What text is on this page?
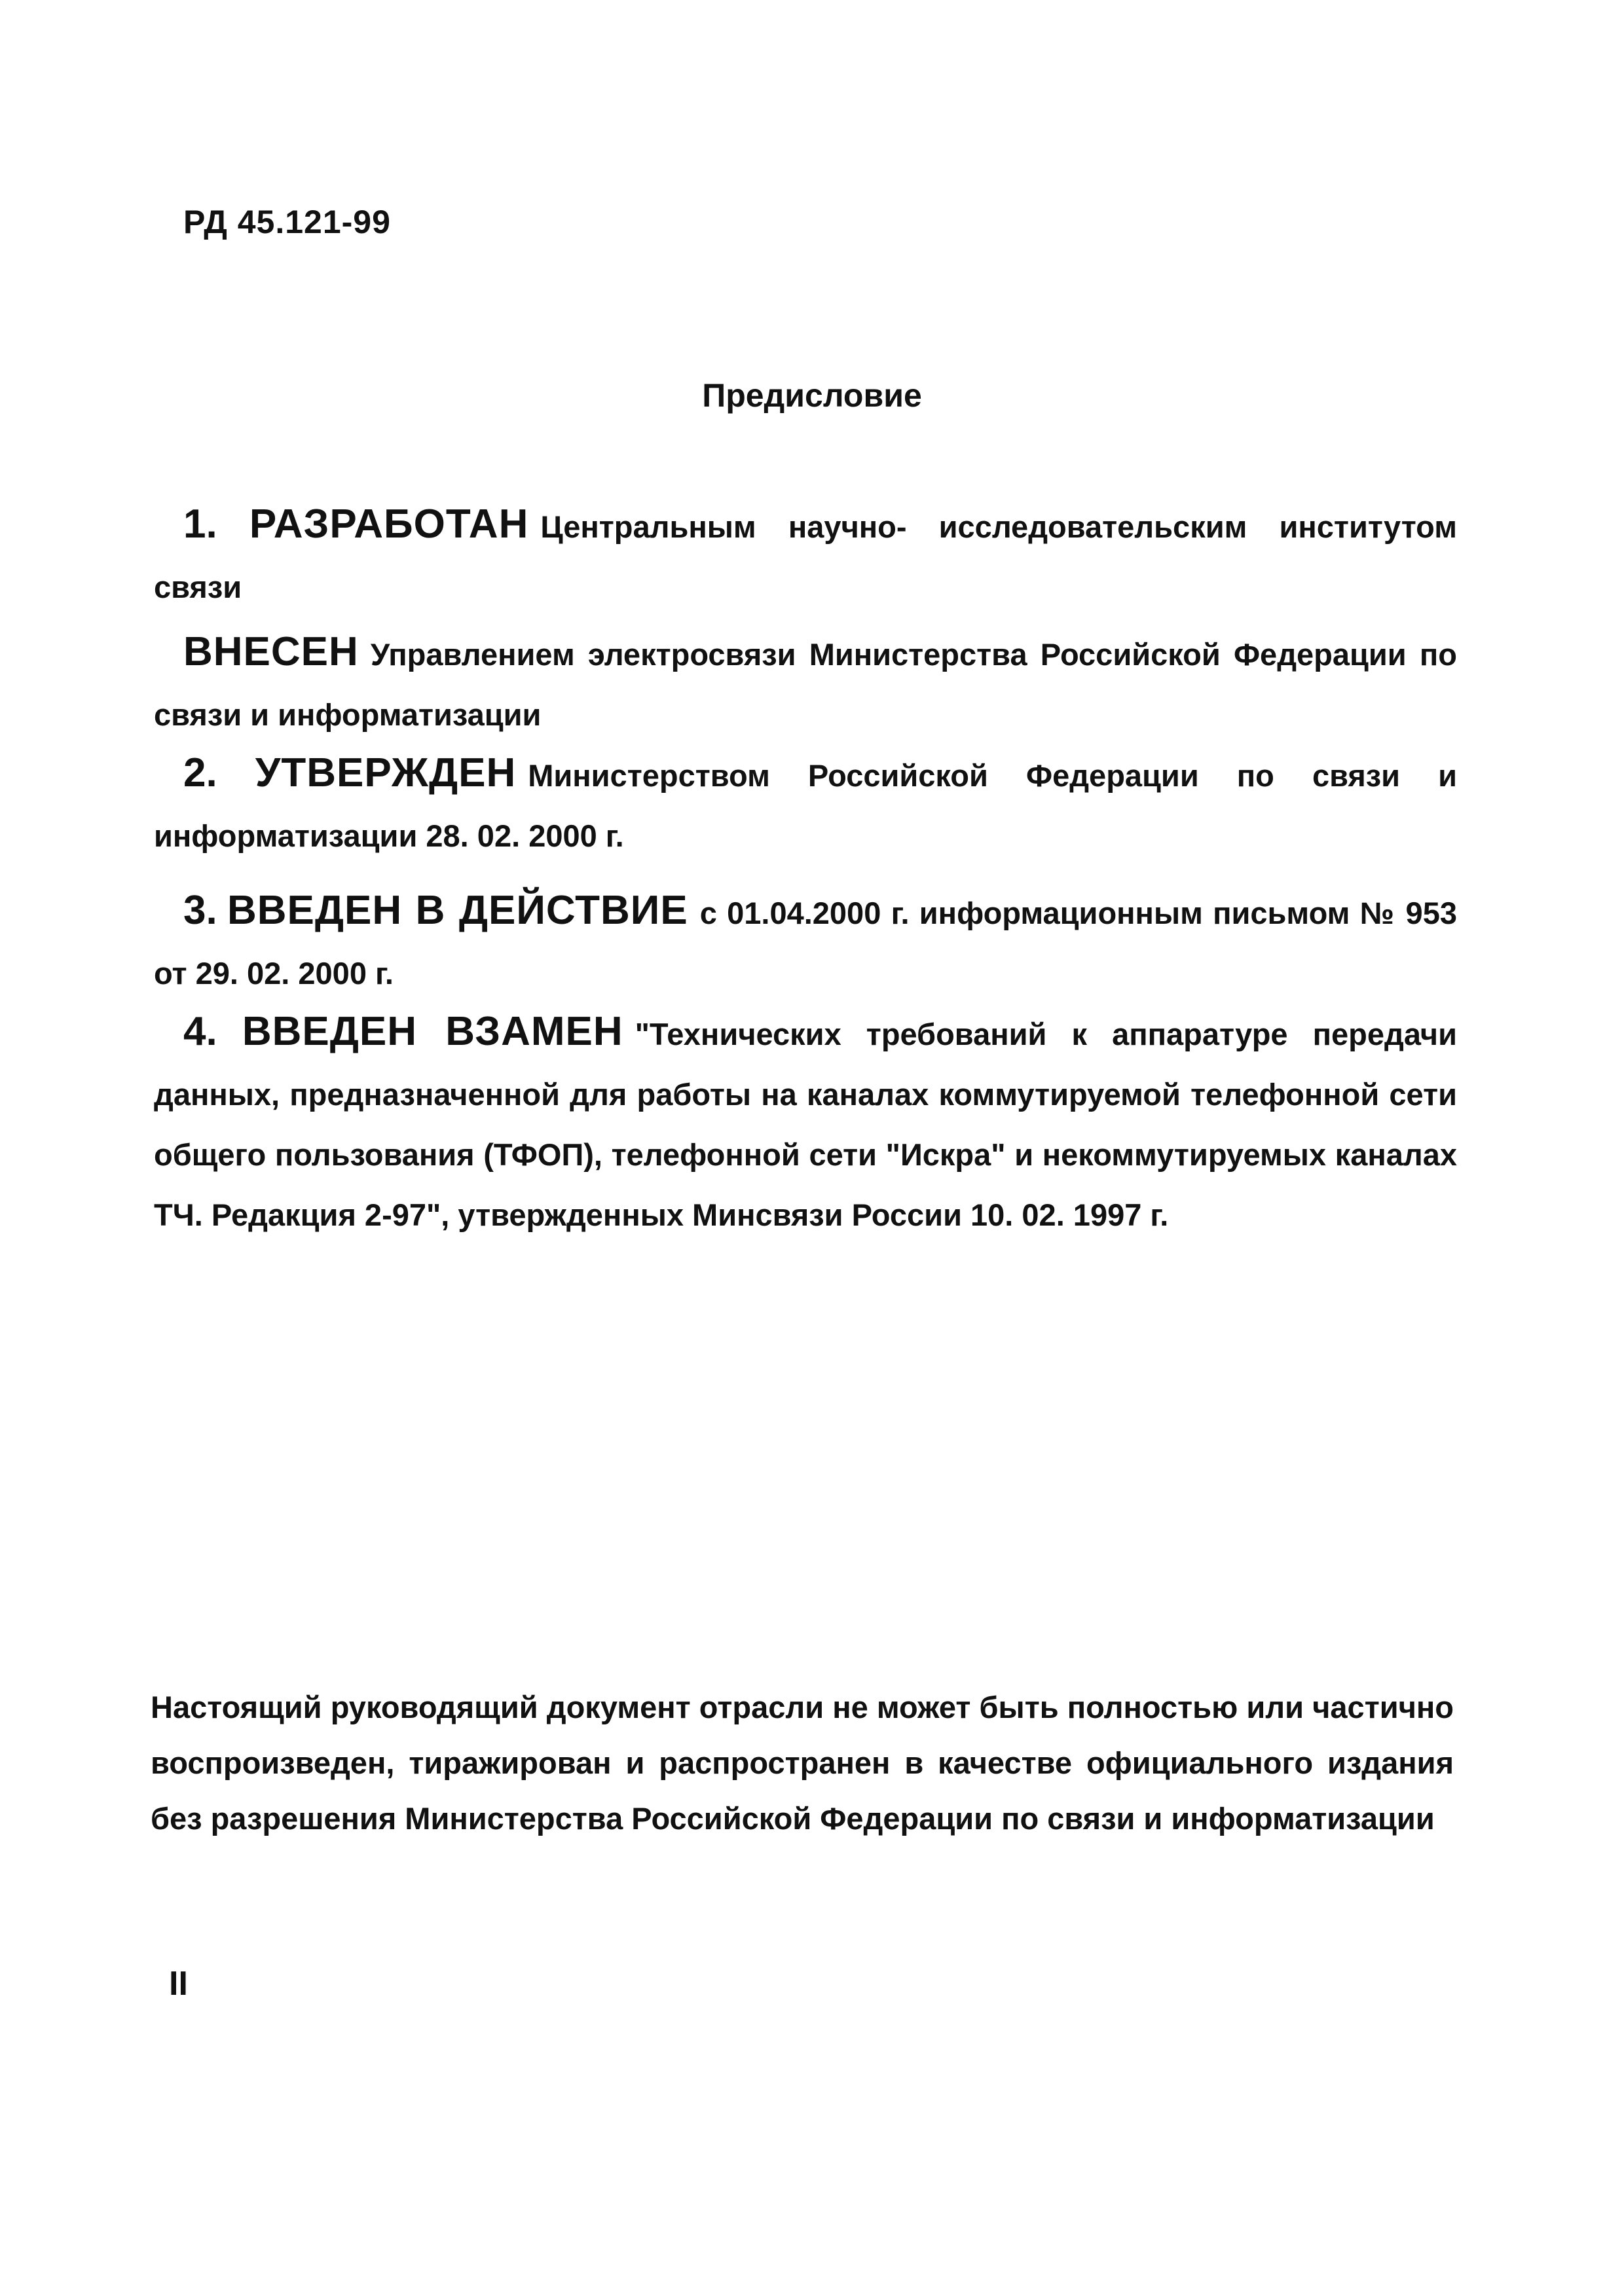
РД 45.121-99
Предисловие
1. РАЗРАБОТАН Центральным научно- исследовательским институтом связи
ВНЕСЕН Управлением электросвязи Министерства Российской Федерации по связи и информатизации
2. УТВЕРЖДЕН Министерством Российской Федерации по связи и информатизации 28. 02. 2000 г.
3. ВВЕДЕН В ДЕЙСТВИЕ с 01.04.2000 г. информационным письмом № 953 от 29. 02. 2000 г.
4. ВВЕДЕН ВЗАМЕН "Технических требований к аппаратуре передачи данных, предназначенной для работы на каналах коммутируемой телефонной сети общего пользования (ТФОП), телефонной сети "Искра" и некоммутируемых каналах ТЧ. Редакция 2-97", утвержденных Минсвязи России 10. 02. 1997 г.
Настоящий руководящий документ отрасли не может быть полностью или частично воспроизведен, тиражирован и распространен в качестве официального издания без разрешения Министерства Российской Федерации по связи и информатизации
II
